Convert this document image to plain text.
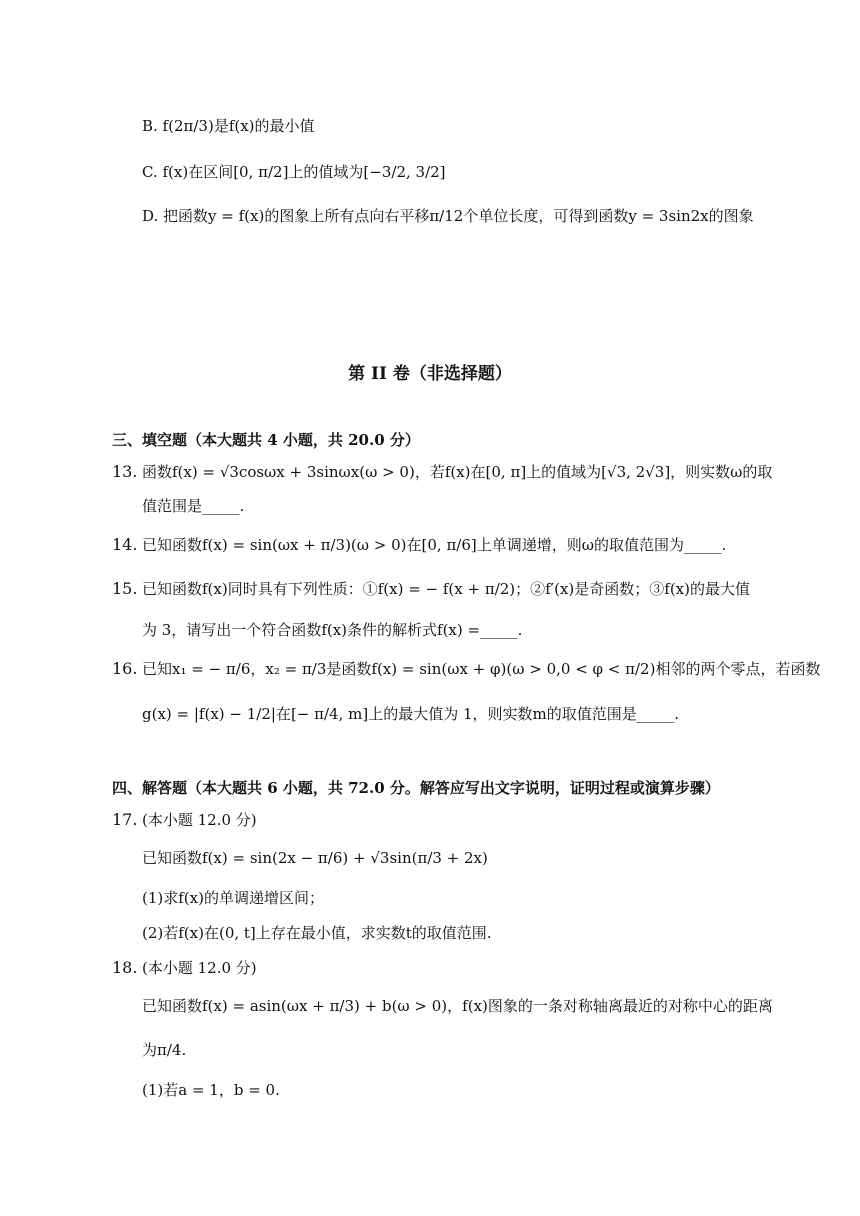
B. f(2π/3)是f(x)的最小值
C. f(x)在区间[0, π/2]上的值域为[−3/2, 3/2]
D. 把函数y = f(x)的图象上所有点向右平移π/12个单位长度，可得到函数y = 3sin2x的图象
第 II 卷（非选择题）
三、填空题（本大题共 4 小题，共 20.0 分）
13. 函数f(x) = √3cosωx + 3sinωx(ω > 0)，若f(x)在[0, π]上的值域为[√3, 2√3]，则实数ω的取
值范围是_____.
14. 已知函数f(x) = sin(ωx + π/3)(ω > 0)在[0, π/6]上单调递增，则ω的取值范围为_____.
15. 已知函数f(x)同时具有下列性质：①f(x) = − f(x + π/2)；②f′(x)是奇函数；③f(x)的最大值
为 3，请写出一个符合函数f(x)条件的解析式f(x) =_____.
16. 已知x₁ = − π/6，x₂ = π/3是函数f(x) = sin(ωx + φ)(ω > 0,0 < φ < π/2)相邻的两个零点，若函数
g(x) = |f(x) − 1/2|在[− π/4, m]上的最大值为 1，则实数m的取值范围是_____.
四、解答题（本大题共 6 小题，共 72.0 分。解答应写出文字说明，证明过程或演算步骤）
17. (本小题 12.0 分)
已知函数f(x) = sin(2x − π/6) + √3sin(π/3 + 2x)
(1)求f(x)的单调递增区间；
(2)若f(x)在(0, t]上存在最小值，求实数t的取值范围.
18. (本小题 12.0 分)
已知函数f(x) = asin(ωx + π/3) + b(ω > 0)，f(x)图象的一条对称轴离最近的对称中心的距离
为π/4.
(1)若a = 1，b = 0.
